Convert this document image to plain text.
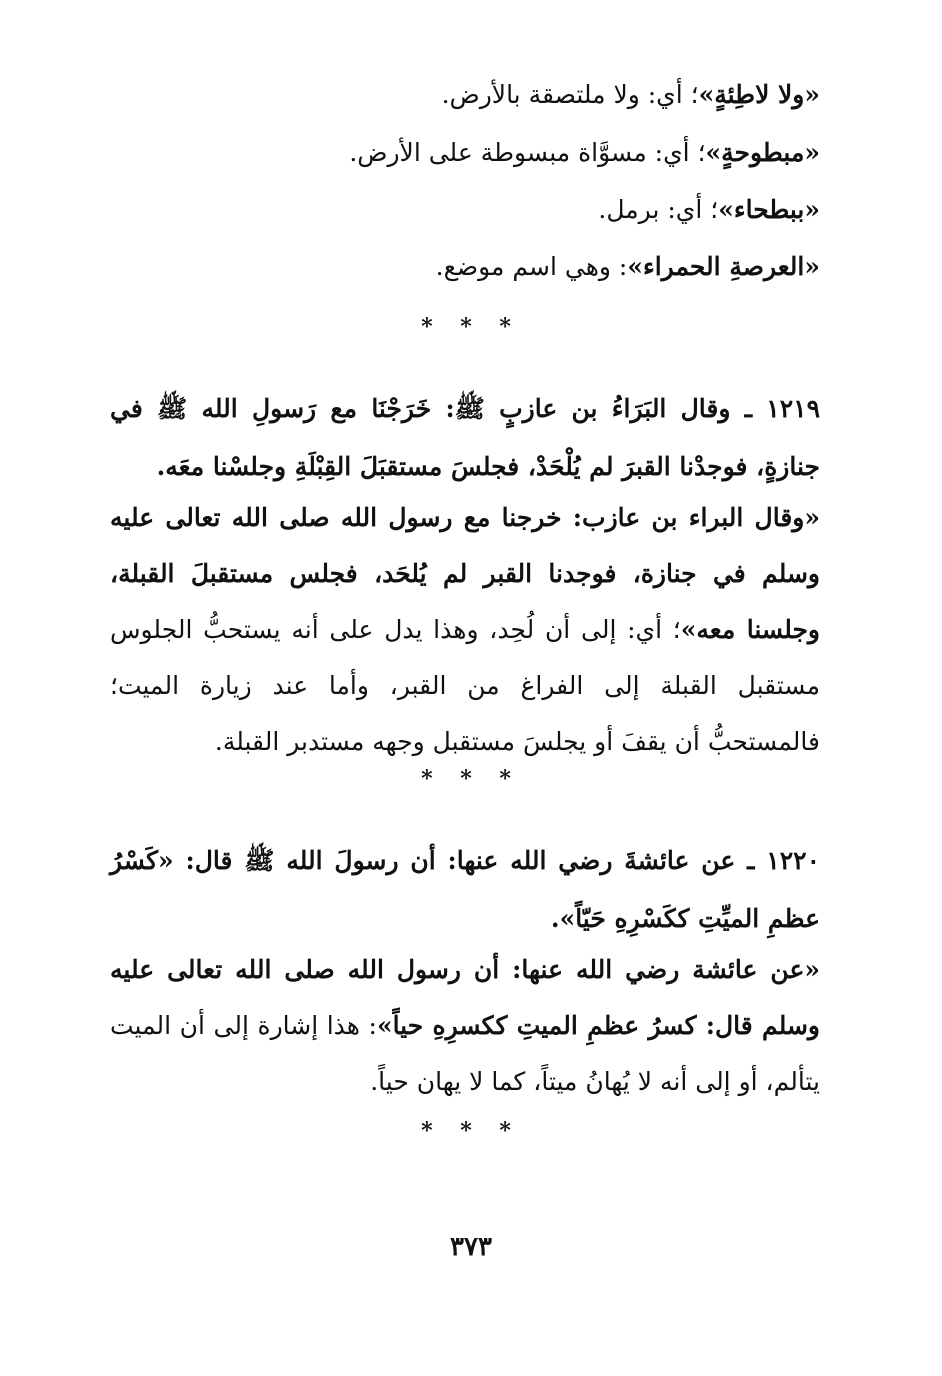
«ولا لاطِئةٍ»؛ أي: ولا ملتصقة بالأرض.

«مبطوحةٍ»؛ أي: مسوَّاة مبسوطة على الأرض.

«ببطحاء»؛ أي: برمل.

«العرصةِ الحمراء»: وهي اسم موضع.

* * *

١٢١٩ ـ وقال البَرَاءُ بن عازبٍ ﷺ: خَرَجْنَا مع رَسولِ الله ﷺ في جنازةٍ، فوجدْنا القبرَ لم يُلْحَدْ، فجلسَ مستقبَلَ القِبْلَةِ وجلسْنا معَه.

«وقال البراء بن عازب: خرجنا مع رسول الله صلى الله تعالى عليه وسلم في جنازة، فوجدنا القبر لم يُلحَد، فجلس مستقبلَ القبلة، وجلسنا معه»؛ أي: إلى أن لُحِد، وهذا يدل على أنه يستحبُّ الجلوس مستقبل القبلة إلى الفراغ من القبر، وأما عند زيارة الميت؛ فالمستحبُّ أن يقفَ أو يجلسَ مستقبل وجهه مستدبر القبلة.

* * *

١٢٢٠ ـ عن عائشةَ رضي الله عنها: أن رسولَ الله ﷺ قال: «كَسْرُ عظمِ الميِّتِ ككَسْرِهِ حَيّاً».

«عن عائشة رضي الله عنها: أن رسول الله صلى الله تعالى عليه وسلم قال: كسرُ عظمِ الميتِ ككسرِهِ حياً»: هذا إشارة إلى أن الميت يتألم، أو إلى أنه لا يُهانُ ميتاً، كما لا يهان حياً.

* * *
٣٧٣
